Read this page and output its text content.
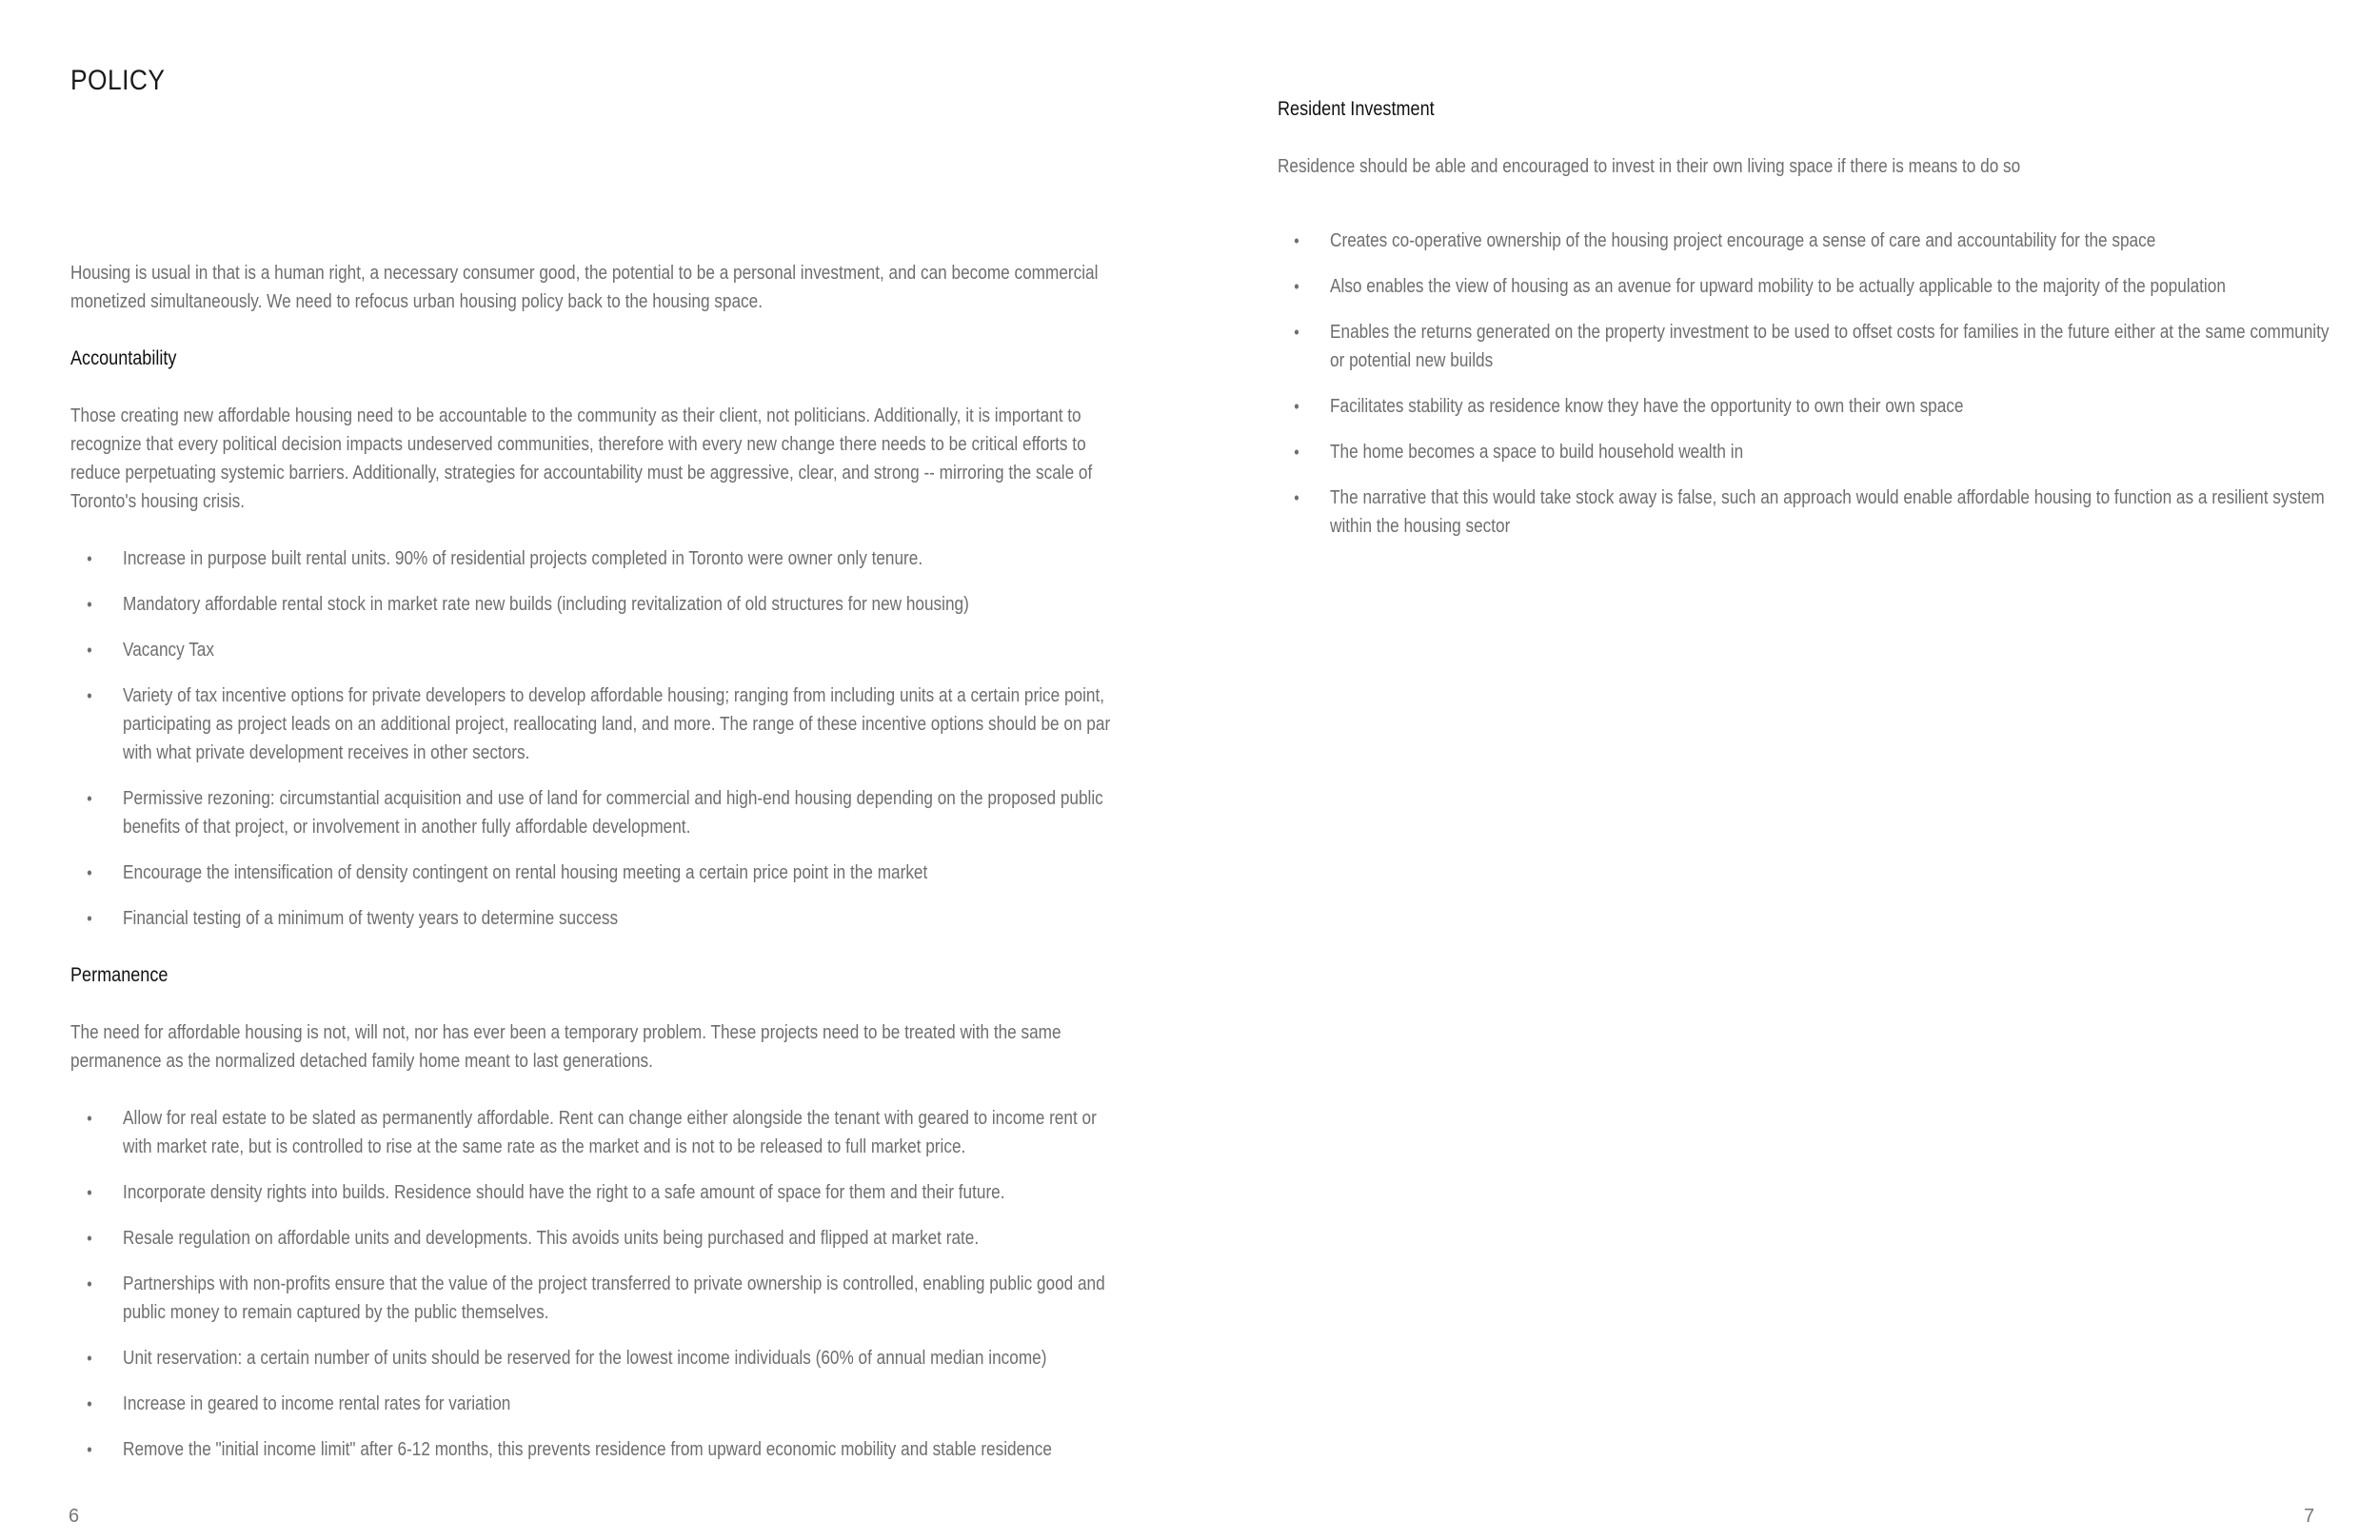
POLICY

Housing is usual in that is a human right, a necessary consumer good, the potential to be a personal investment, and can become commercial monetized simultaneously. We need to refocus urban housing policy back to the housing space.

Accountability

Those creating new affordable housing need to be accountable to the community as their client, not politicians. Additionally, it is important to recognize that every political decision impacts undeserved communities, therefore with every new change there needs to be critical efforts to reduce perpetuating systemic barriers. Additionally, strategies for accountability must be aggressive, clear, and strong -- mirroring the scale of Toronto's housing crisis.

• Increase in purpose built rental units. 90% of residential projects completed in Toronto were owner only tenure.
• Mandatory affordable rental stock in market rate new builds (including revitalization of old structures for new housing)
• Vacancy Tax
• Variety of tax incentive options for private developers to develop affordable housing; ranging from including units at a certain price point, participating as project leads on an additional project, reallocating land, and more. The range of these incentive options should be on par with what private development receives in other sectors.
• Permissive rezoning: circumstantial acquisition and use of land for commercial and high-end housing depending on the proposed public benefits of that project, or involvement in another fully affordable development.
• Encourage the intensification of density contingent on rental housing meeting a certain price point in the market
• Financial testing of a minimum of twenty years to determine success
Permanence

The need for affordable housing is not, will not, nor has ever been a temporary problem. These projects need to be treated with the same permanence as the normalized detached family home meant to last generations.

• Allow for real estate to be slated as permanently affordable. Rent can change either alongside the tenant with geared to income rent or with market rate, but is controlled to rise at the same rate as the market and is not to be released to full market price.
• Incorporate density rights into builds. Residence should have the right to a safe amount of space for them and their future.
• Resale regulation on affordable units and developments. This avoids units being purchased and flipped at market rate.
• Partnerships with non-profits ensure that the value of the project transferred to private ownership is controlled, enabling public good and public money to remain captured by the public themselves.
• Unit reservation: a certain number of units should be reserved for the lowest income individuals (60% of annual median income)
• Increase in geared to income rental rates for variation
• Remove the "initial income limit" after 6-12 months, this prevents residence from upward economic mobility and stable residence
6
Resident Investment

Residence should be able and encouraged to invest in their own living space if there is means to do so

• Creates co-operative ownership of the housing project encourage a sense of care and accountability for the space
• Also enables the view of housing as an avenue for upward mobility to be actually applicable to the majority of the population
• Enables the returns generated on the property investment to be used to offset costs for families in the future either at the same community or potential new builds
• Facilitates stability as residence know they have the opportunity to own their own space
• The home becomes a space to build household wealth in
• The narrative that this would take stock away is false, such an approach would enable affordable housing to function as a resilient system within the housing sector
7
